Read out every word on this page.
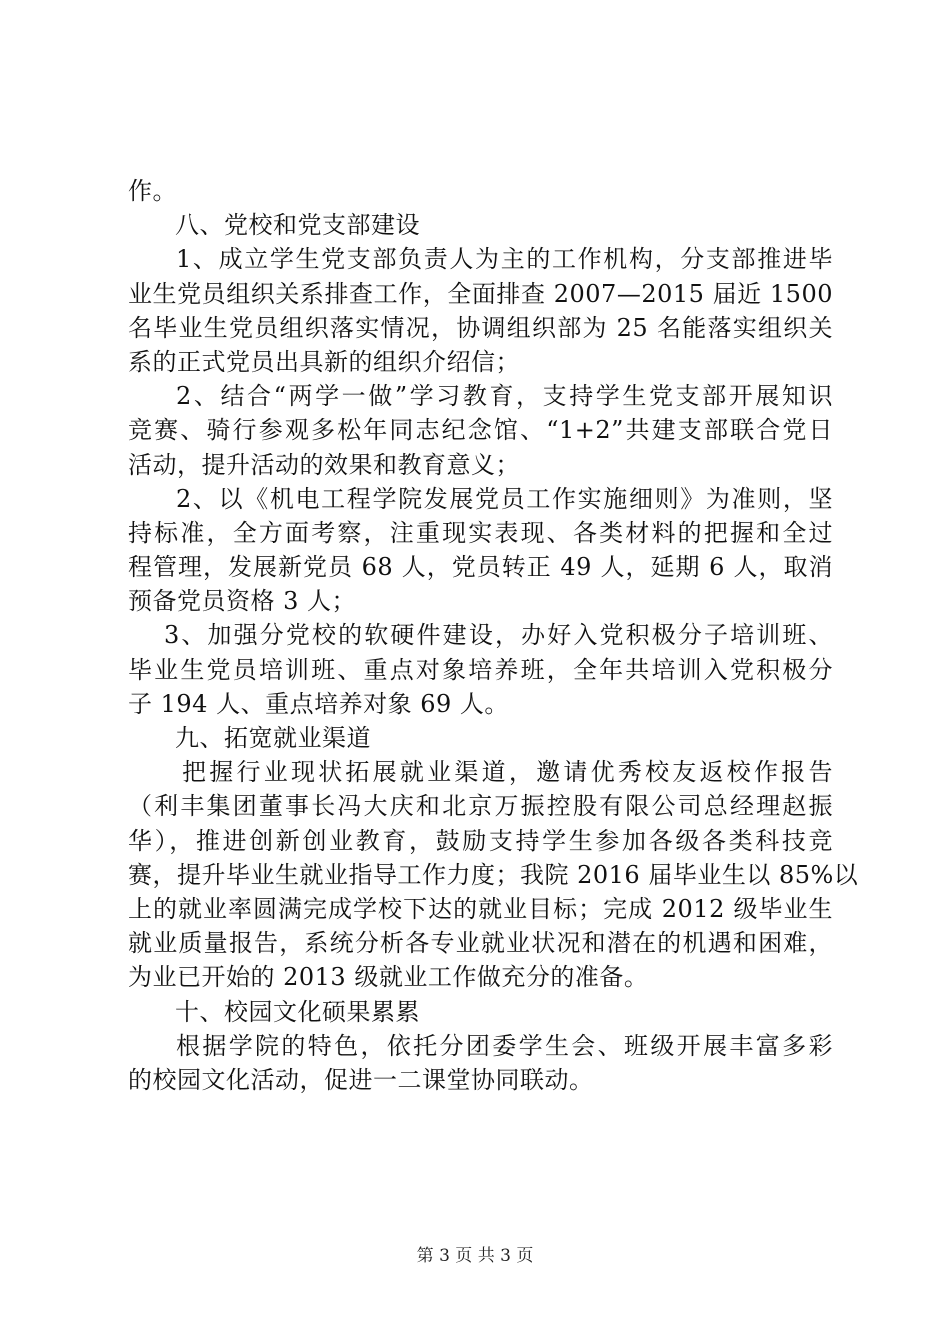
作。
八、党校和党支部建设
1、成立学生党支部负责人为主的工作机构，分支部推进毕
业生党员组织关系排查工作，全面排查 2007—2015 届近 1500
名毕业生党员组织落实情况，协调组织部为 25 名能落实组织关
系的正式党员出具新的组织介绍信；
2、结合“两学一做”学习教育，支持学生党支部开展知识
竞赛、骑行参观多松年同志纪念馆、“1+2”共建支部联合党日
活动，提升活动的效果和教育意义；
2、以《机电工程学院发展党员工作实施细则》为准则，坚
持标准，全方面考察，注重现实表现、各类材料的把握和全过
程管理，发展新党员 68 人，党员转正 49 人，延期 6 人，取消
预备党员资格 3 人；
3、加强分党校的软硬件建设，办好入党积极分子培训班、
毕业生党员培训班、重点对象培养班，全年共培训入党积极分
子 194 人、重点培养对象 69 人。
九、拓宽就业渠道
把握行业现状拓展就业渠道，邀请优秀校友返校作报告
（利丰集团董事长冯大庆和北京万振控股有限公司总经理赵振
华），推进创新创业教育，鼓励支持学生参加各级各类科技竞
赛，提升毕业生就业指导工作力度；我院 2016 届毕业生以 85%以
上的就业率圆满完成学校下达的就业目标；完成 2012 级毕业生
就业质量报告，系统分析各专业就业状况和潜在的机遇和困难，
为业已开始的 2013 级就业工作做充分的准备。
十、校园文化硕果累累
根据学院的特色，依托分团委学生会、班级开展丰富多彩
的校园文化活动，促进一二课堂协同联动。
第 3 页 共 3 页
